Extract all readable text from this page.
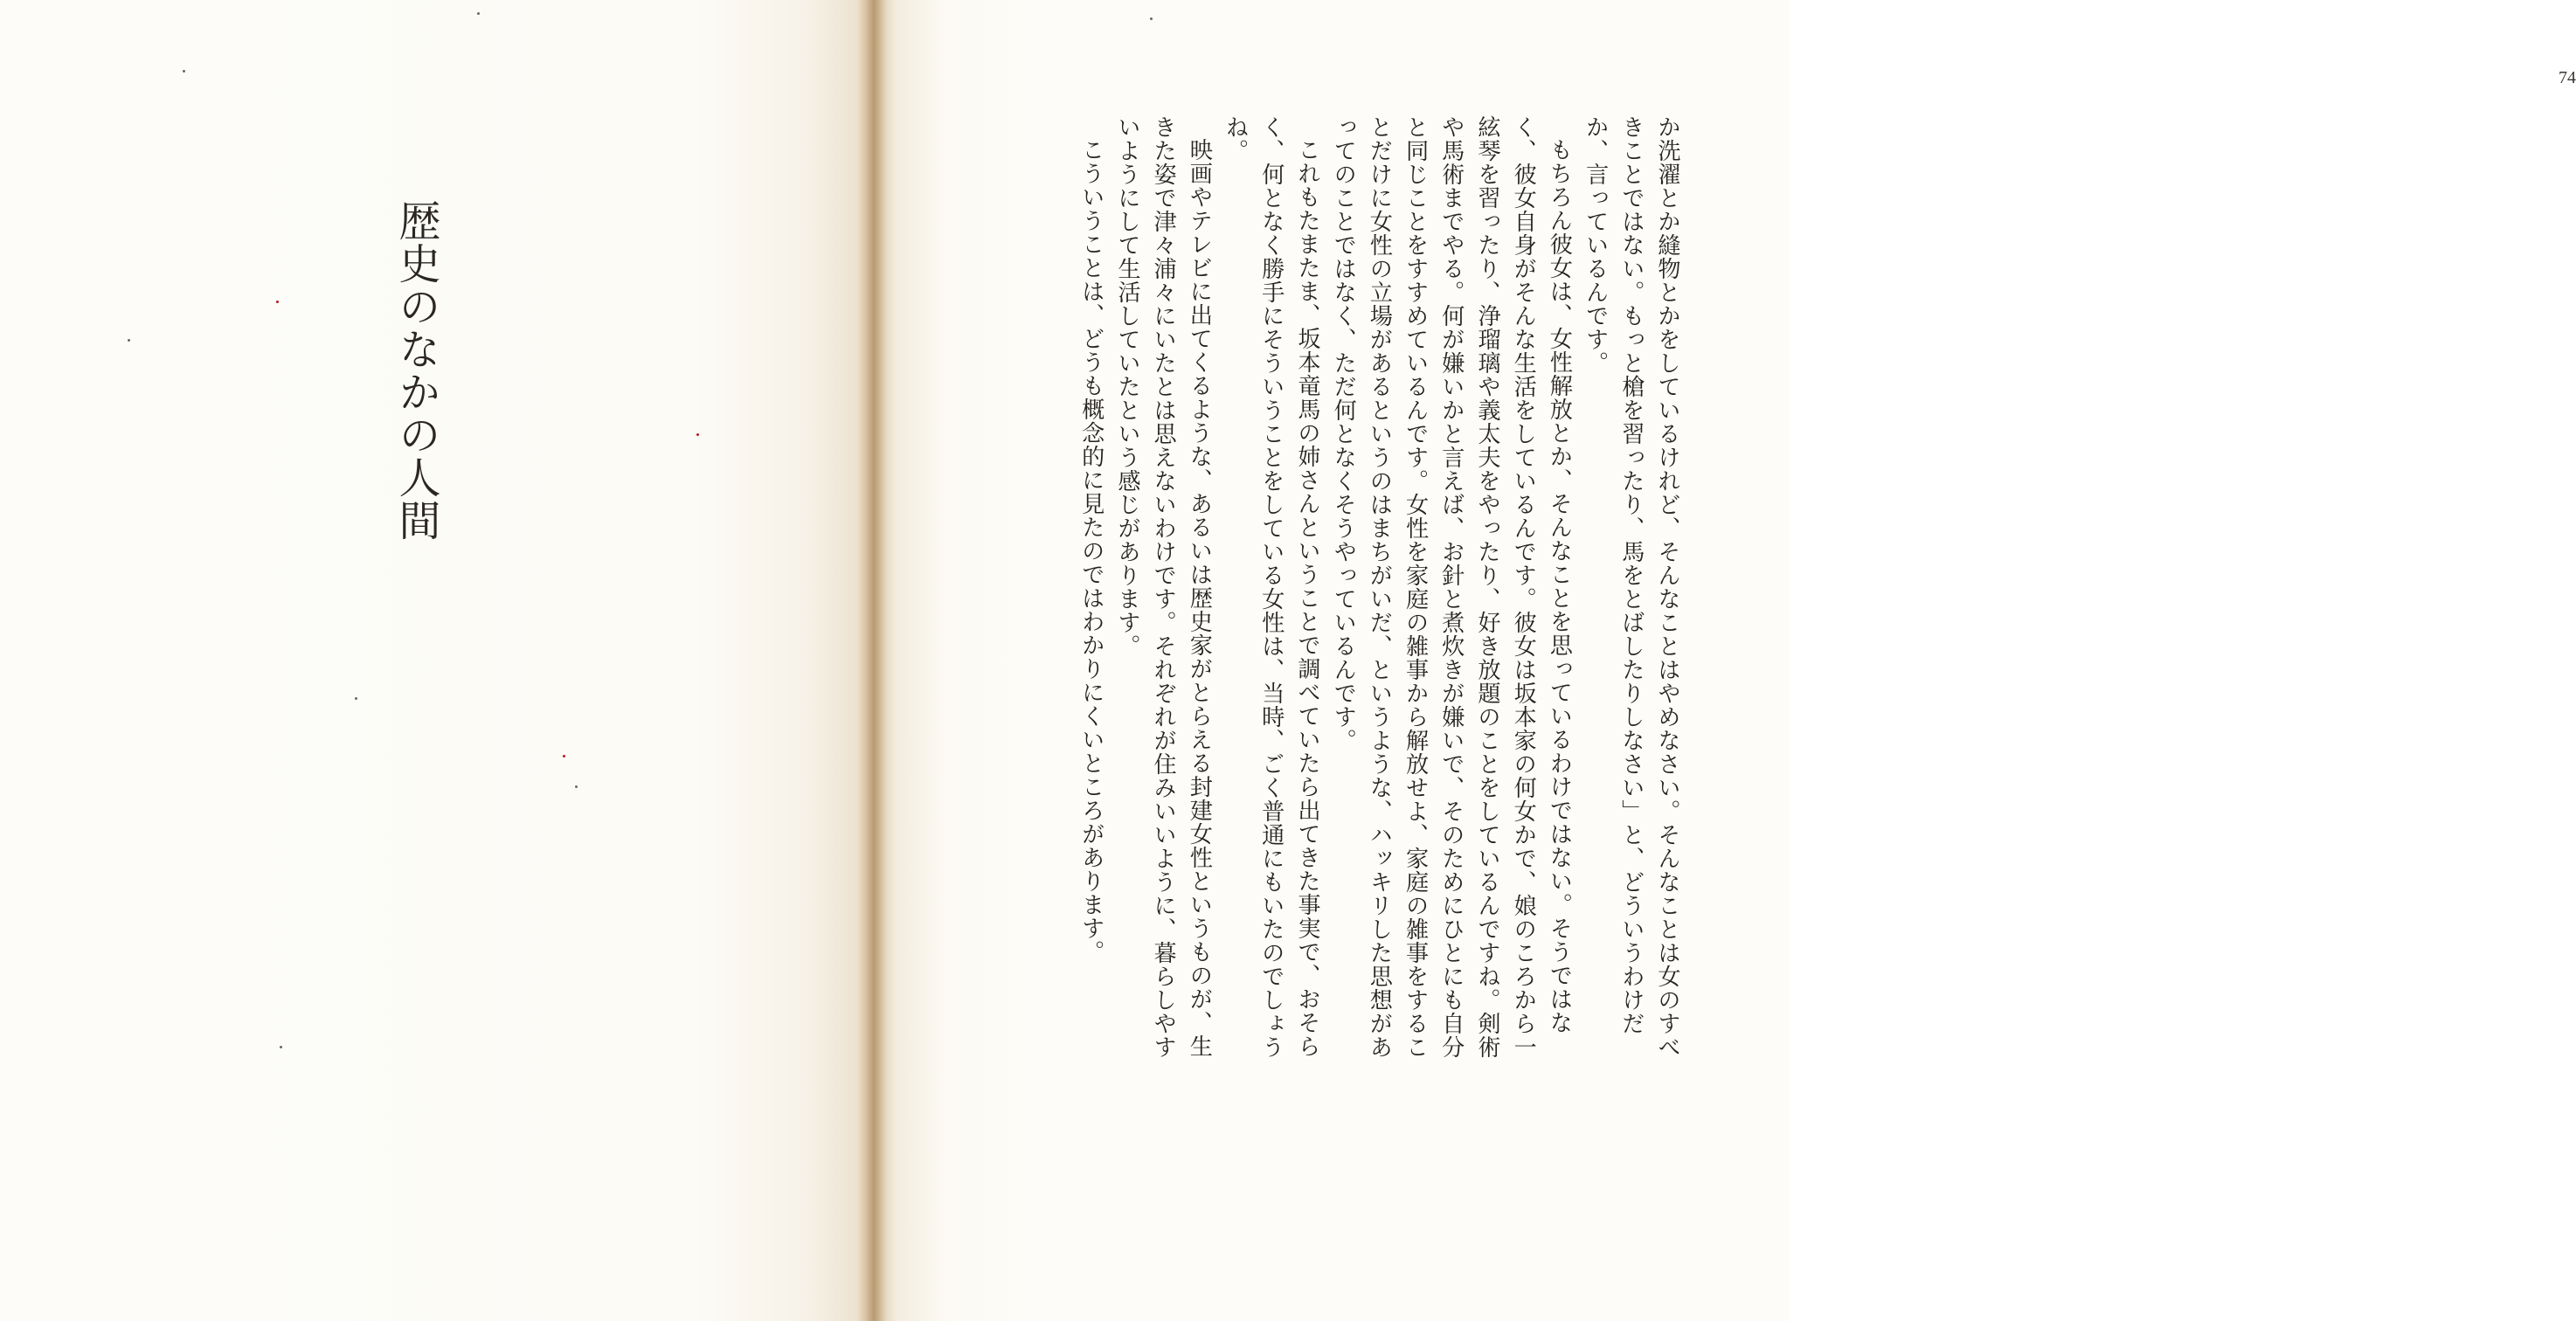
歴史のなかの人間
74

か洗濯とか縫物とかをしているけれど、そんなことはやめなさい。そんなことは女のすべきことではない。もっと槍を習ったり、馬をとばしたりしなさい」と、どういうわけだか、言っているんです。

もちろん彼女は、女性解放とか、そんなことを思っているわけではない。そうではなく、彼女自身がそんな生活をしているんです。彼女は坂本家の何女かで、娘のころから一絃琴を習ったり、浄瑠璃や義太夫をやったり、好き放題のことをしているんですね。剣術や馬術までやる。何が嫌いかと言えば、お針と煮炊きが嫌いで、そのためにひとにも自分と同じことをすすめているんです。女性を家庭の雑事から解放せよ、家庭の雑事をすることだけに女性の立場があるというのはまちがいだ、というような、ハッキリした思想があってのことではなく、ただ何となくそうやっているんです。

これもたまたま、坂本竜馬の姉さんということで調べていたら出てきた事実で、おそらく、何となく勝手にそういうことをしている女性は、当時、ごく普通にもいたのでしょうね。

映画やテレビに出てくるような、あるいは歴史家がとらえる封建女性というものが、生きた姿で津々浦々にいたとは思えないわけです。それぞれが住みいいように、暮らしやすいようにして生活していたという感じがあります。

こういうことは、どうも概念的に見たのではわかりにくいところがあります。
